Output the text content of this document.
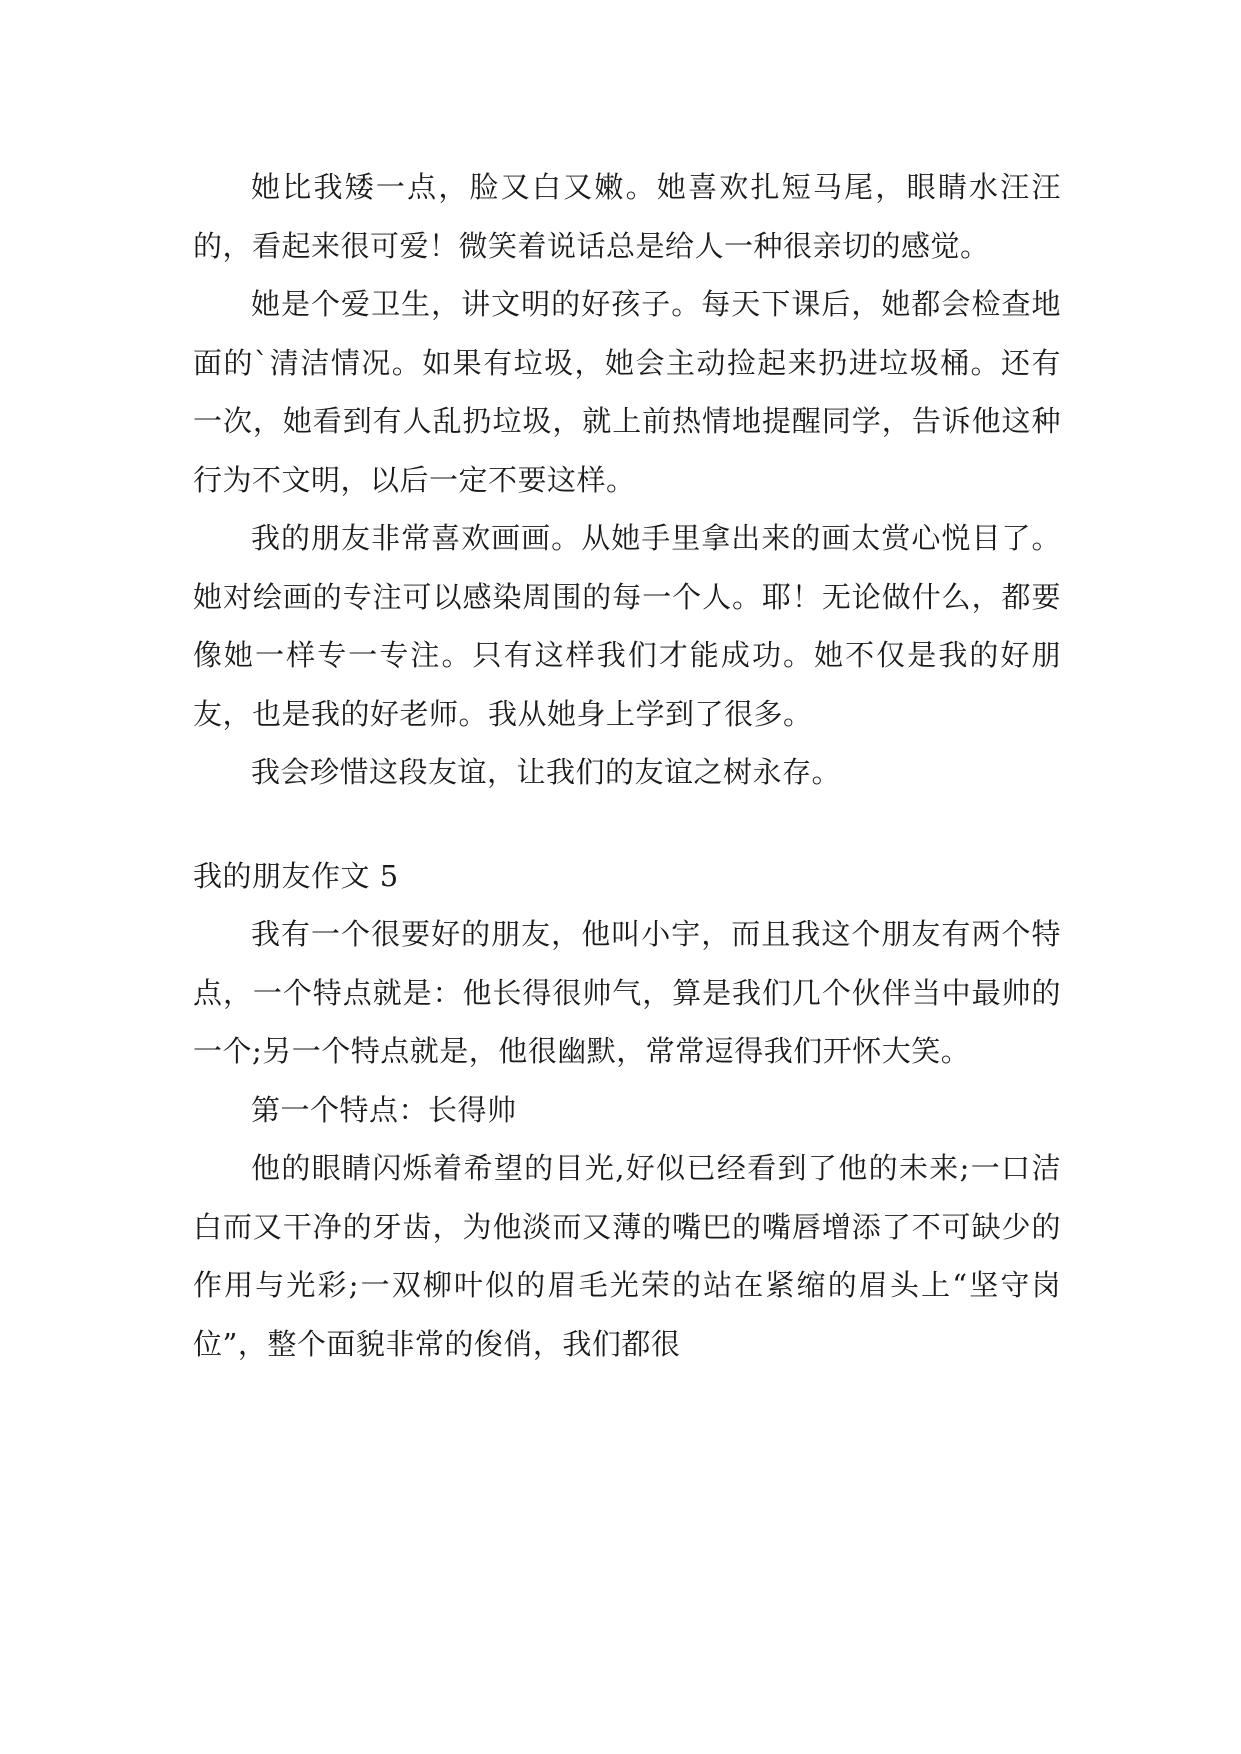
她比我矮一点，脸又白又嫩。她喜欢扎短马尾，眼睛水汪汪的，看起来很可爱！微笑着说话总是给人一种很亲切的感觉。

她是个爱卫生，讲文明的好孩子。每天下课后，她都会检查地面的`清洁情况。如果有垃圾，她会主动捡起来扔进垃圾桶。还有一次，她看到有人乱扔垃圾，就上前热情地提醒同学，告诉他这种行为不文明，以后一定不要这样。

我的朋友非常喜欢画画。从她手里拿出来的画太赏心悦目了。她对绘画的专注可以感染周围的每一个人。耶！无论做什么，都要像她一样专一专注。只有这样我们才能成功。她不仅是我的好朋友，也是我的好老师。我从她身上学到了很多。

我会珍惜这段友谊，让我们的友谊之树永存。

我的朋友作文 5

我有一个很要好的朋友，他叫小宇，而且我这个朋友有两个特点，一个特点就是：他长得很帅气，算是我们几个伙伴当中最帅的一个;另一个特点就是，他很幽默，常常逗得我们开怀大笑。

第一个特点：长得帅

他的眼睛闪烁着希望的目光,好似已经看到了他的未来;一口洁白而又干净的牙齿，为他淡而又薄的嘴巴的嘴唇增添了不可缺少的作用与光彩;一双柳叶似的眉毛光荣的站在紧缩的眉头上“坚守岗位”，整个面貌非常的俊俏，我们都很
